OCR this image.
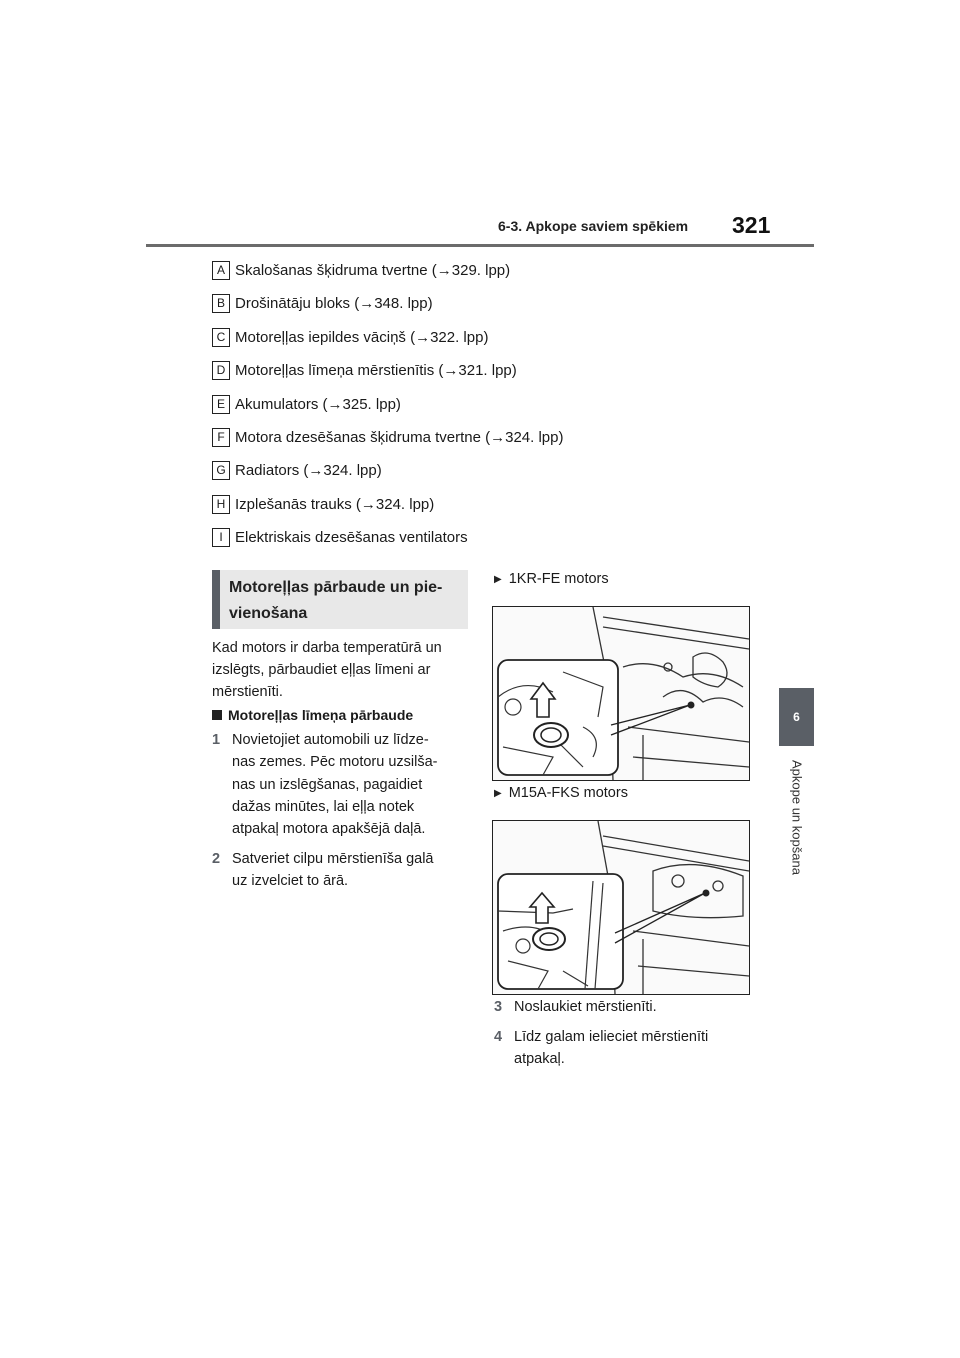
6-3. Apkope saviem spēkiem 321
6
Apkope un kopšana
A Skalošanas šķidruma tvertne (→329. lpp)
B Drošinātāju bloks (→348. lpp)
C Motoreļļas iepildes vāciņš (→322. lpp)
D Motoreļļas līmeņa mērstienītis (→321. lpp)
E Akumulators (→325. lpp)
F Motora dzesēšanas šķidruma tvertne (→324. lpp)
G Radiators (→324. lpp)
H Izplešanās trauks (→324. lpp)
I Elektriskais dzesēšanas ventilators
Motoreļļas pārbaude un pie-
vienošana
Kad motors ir darba temperatūrā un
izslēgts, pārbaudiet eļļas līmeni ar
mērstienīti.
Motoreļļas līmeņa pārbaude
1 Novietojiet automobili uz līdze-
nas zemes. Pēc motoru uzsilša-
nas un izslēgšanas, pagaidiet
dažas minūtes, lai eļļa notek
atpakaļ motora apakšējā daļā.
2 Satveriet cilpu mērstienīša galā
uz izvelciet to ārā.
▶ 1KR-FE motors
▶ M15A-FKS motors
3 Noslaukiet mērstienīti.
4 Līdz galam ielieciet mērstienīti
atpakaļ.
